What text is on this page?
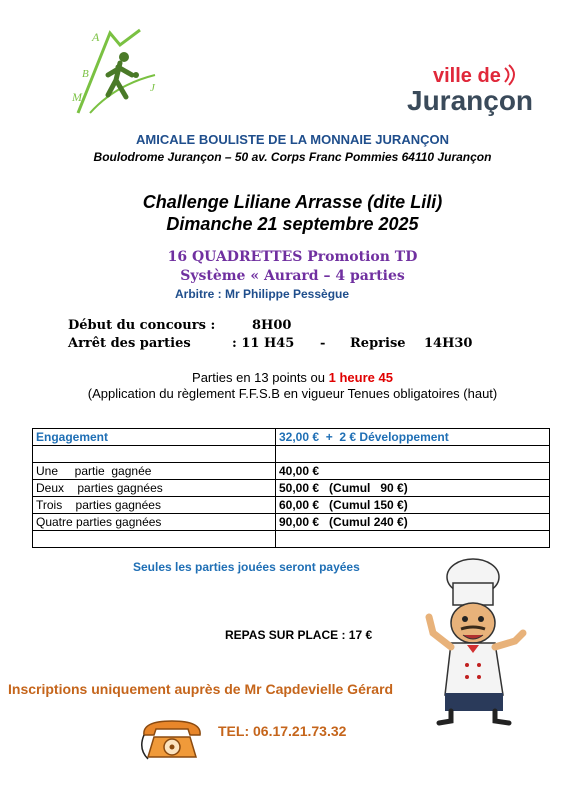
A
M
B
J
ville de
Jurançon
AMICALE BOULISTE DE LA MONNAIE JURANÇON
Boulodrome Jurançon – 50 av. Corps Franc Pommies 64110 Jurançon
Challenge Liliane Arrasse (dite Lili)
Dimanche 21 septembre 2025
16 QUADRETTES Promotion TD
Système « Aurard – 4 parties
Arbitre : Mr Philippe Pessègue
Début du concours :	8H00
Arrêt des parties	: 11 H45 - Reprise 14H30
Parties en 13 points ou 1 heure 45
(Application du règlement F.F.S.B en vigueur Tenues obligatoires (haut)
Engagement	32,00 €  +  2 € Développement

Une     partie  gagnée	40,00 €
Deux    parties gagnées	50,00 €   (Cumul   90 €)
Trois    parties gagnées	60,00 €   (Cumul 150 €)
Quatre parties gagnées	90,00 €   (Cumul 240 €)

Seules les parties jouées seront payées
REPAS SUR PLACE : 17 €
Inscriptions uniquement auprès de Mr Capdevielle Gérard
TEL: 06.17.21.73.32
